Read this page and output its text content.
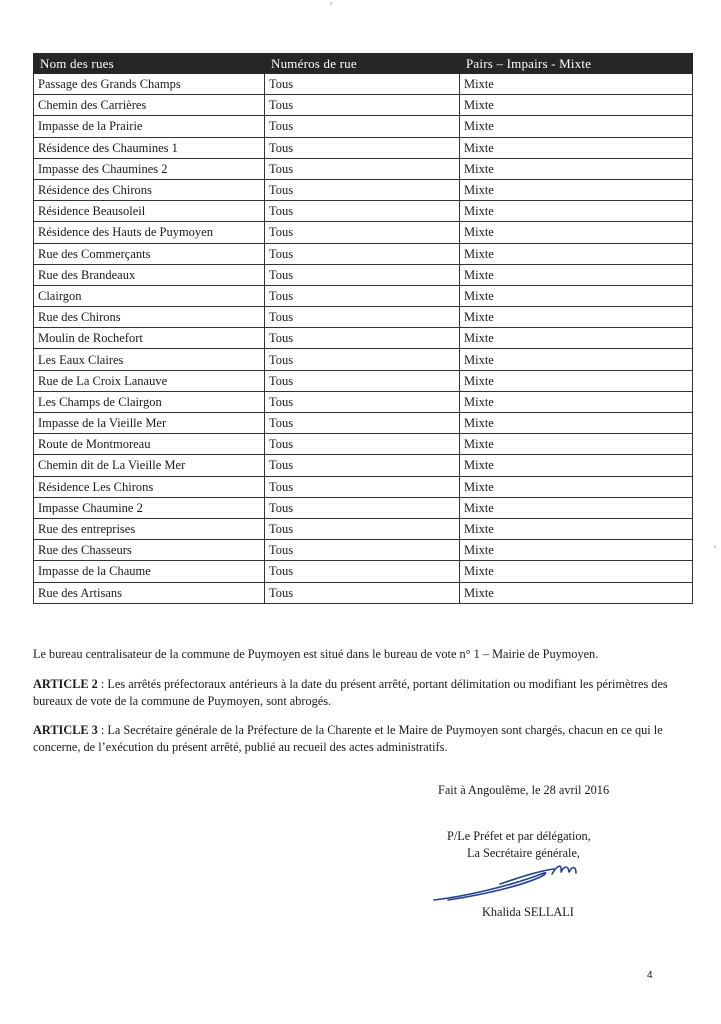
Nom des rues	Numéros de rue	Pairs – Impairs - Mixte
Passage des Grands Champs	Tous	Mixte
Chemin des Carrières	Tous	Mixte
Impasse de la Prairie	Tous	Mixte
Résidence des Chaumines 1	Tous	Mixte
Impasse des Chaumines 2	Tous	Mixte
Résidence des Chirons	Tous	Mixte
Résidence Beausoleil	Tous	Mixte
Résidence des Hauts de Puymoyen	Tous	Mixte
Rue des Commerçants	Tous	Mixte
Rue des Brandeaux	Tous	Mixte
Clairgon	Tous	Mixte
Rue des Chirons	Tous	Mixte
Moulin de Rochefort	Tous	Mixte
Les Eaux Claires	Tous	Mixte
Rue de La Croix Lanauve	Tous	Mixte
Les Champs de Clairgon	Tous	Mixte
Impasse de la Vieille Mer	Tous	Mixte
Route de Montmoreau	Tous	Mixte
Chemin dit de La Vieille Mer	Tous	Mixte
Résidence Les Chirons	Tous	Mixte
Impasse Chaumine 2	Tous	Mixte
Rue des entreprises	Tous	Mixte
Rue des Chasseurs	Tous	Mixte
Impasse de la Chaume	Tous	Mixte
Rue des Artisans	Tous	Mixte

Le bureau centralisateur de la commune de Puymoyen est situé dans le bureau de vote n° 1 – Mairie de Puymoyen.

ARTICLE 2 : Les arrêtés préfectoraux antérieurs à la date du présent arrêté, portant délimitation ou modifiant les périmètres des bureaux de vote de la commune de Puymoyen, sont abrogés.

ARTICLE 3 : La Secrétaire générale de la Préfecture de la Charente et le Maire de Puymoyen sont chargés, chacun en ce qui le concerne, de l’exécution du présent arrêté, publié au recueil des actes administratifs.

Fait à Angoulême, le 28 avril 2016
P/Le Préfet et par délégation,
La Secrétaire générale,
Khalida SELLALI
4
